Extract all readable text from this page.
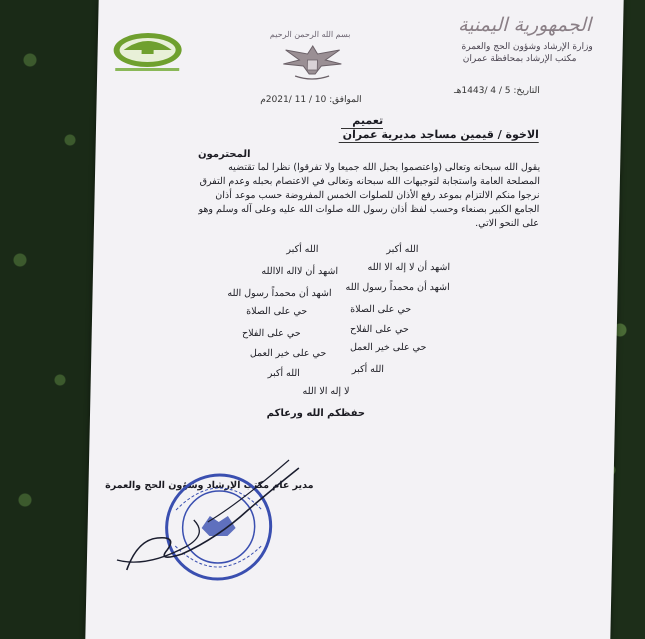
الجمهورية اليمنية
وزارة الإرشاد وشؤون الحج والعمرة
مكتب الإرشاد بمحافظة عمران
بسم الله الرحمن الرحيم
التاريخ: 5 / 4 /1443هـ
الموافق: 10 / 11 /2021م
تعميم
الاخوة / قيمين مساجد مديرية عمران
المحترمون
يقول الله سبحانه وتعالى (واعتصموا بحبل الله جميعا ولا تفرقوا) نظرا لما تقتضيه
المصلحة العامة واستجابة لتوجيهات الله سبحانه وتعالى في الاعتصام بحبله وعدم التفرق
نرجوا منكم الالتزام بموعد رفع الأذان للصلوات الخمس المفروضة حسب موعد أذان
الجامع الكبير بصنعاء وحسب لفظ أذان رسول الله صلوات الله عليه وعلى آله وسلم وهو
على النحو الاتي.
الله أكبر
الله أكبر
اشهد أن لا إله الا الله
اشهد أن لااله الاالله
اشهد أن محمداً رسول الله
اشهد أن محمداً رسول الله
حي على الصلاة
حي على الصلاة
حي على الفلاح
حي على الفلاح
حي على خير العمل
حي على خير العمل
الله أكبر
الله أكبر
لا إله الا الله
حفظكم الله ورعاكم
مدير عام مكتب الإرشاد وشؤون الحج والعمرة
